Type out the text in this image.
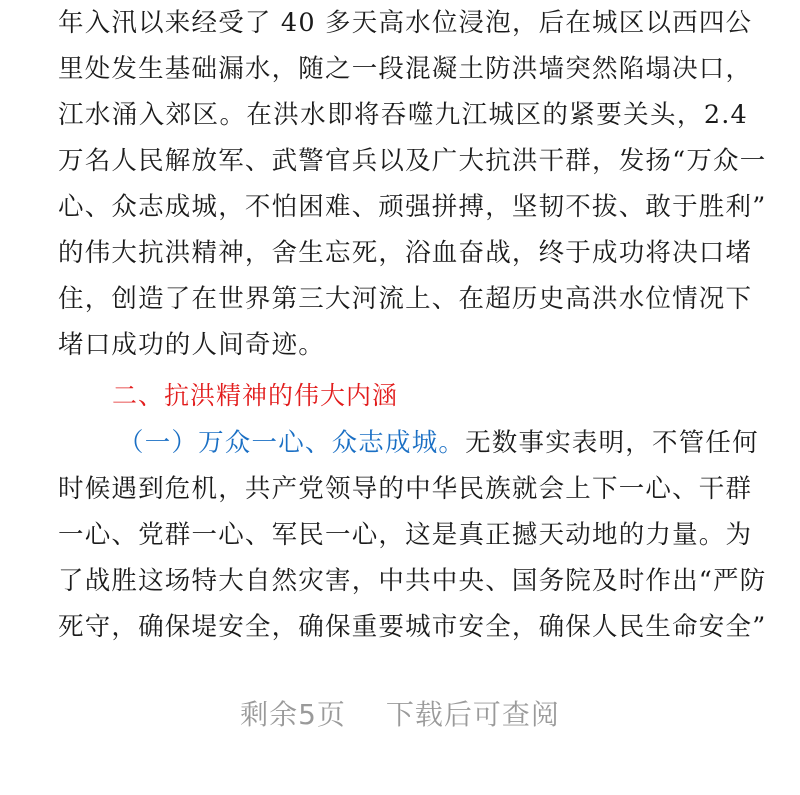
年入汛以来经受了 40 多天高水位浸泡，后在城区以西四公
里处发生基础漏水，随之一段混凝土防洪墙突然陷塌决口，
江水涌入郊区。在洪水即将吞噬九江城区的紧要关头，2.4
万名人民解放军、武警官兵以及广大抗洪干群，发扬“万众一
心、众志成城，不怕困难、顽强拼搏，坚韧不拔、敢于胜利”
的伟大抗洪精神，舍生忘死，浴血奋战，终于成功将决口堵
住，创造了在世界第三大河流上、在超历史高洪水位情况下
堵口成功的人间奇迹。
二、抗洪精神的伟大内涵
（一）万众一心、众志成城。无数事实表明，不管任何
时候遇到危机，共产党领导的中华民族就会上下一心、干群
一心、党群一心、军民一心，这是真正撼天动地的力量。为
了战胜这场特大自然灾害，中共中央、国务院及时作出“严防
死守，确保堤安全，确保重要城市安全，确保人民生命安全”
剩余5页 下载后可查阅
